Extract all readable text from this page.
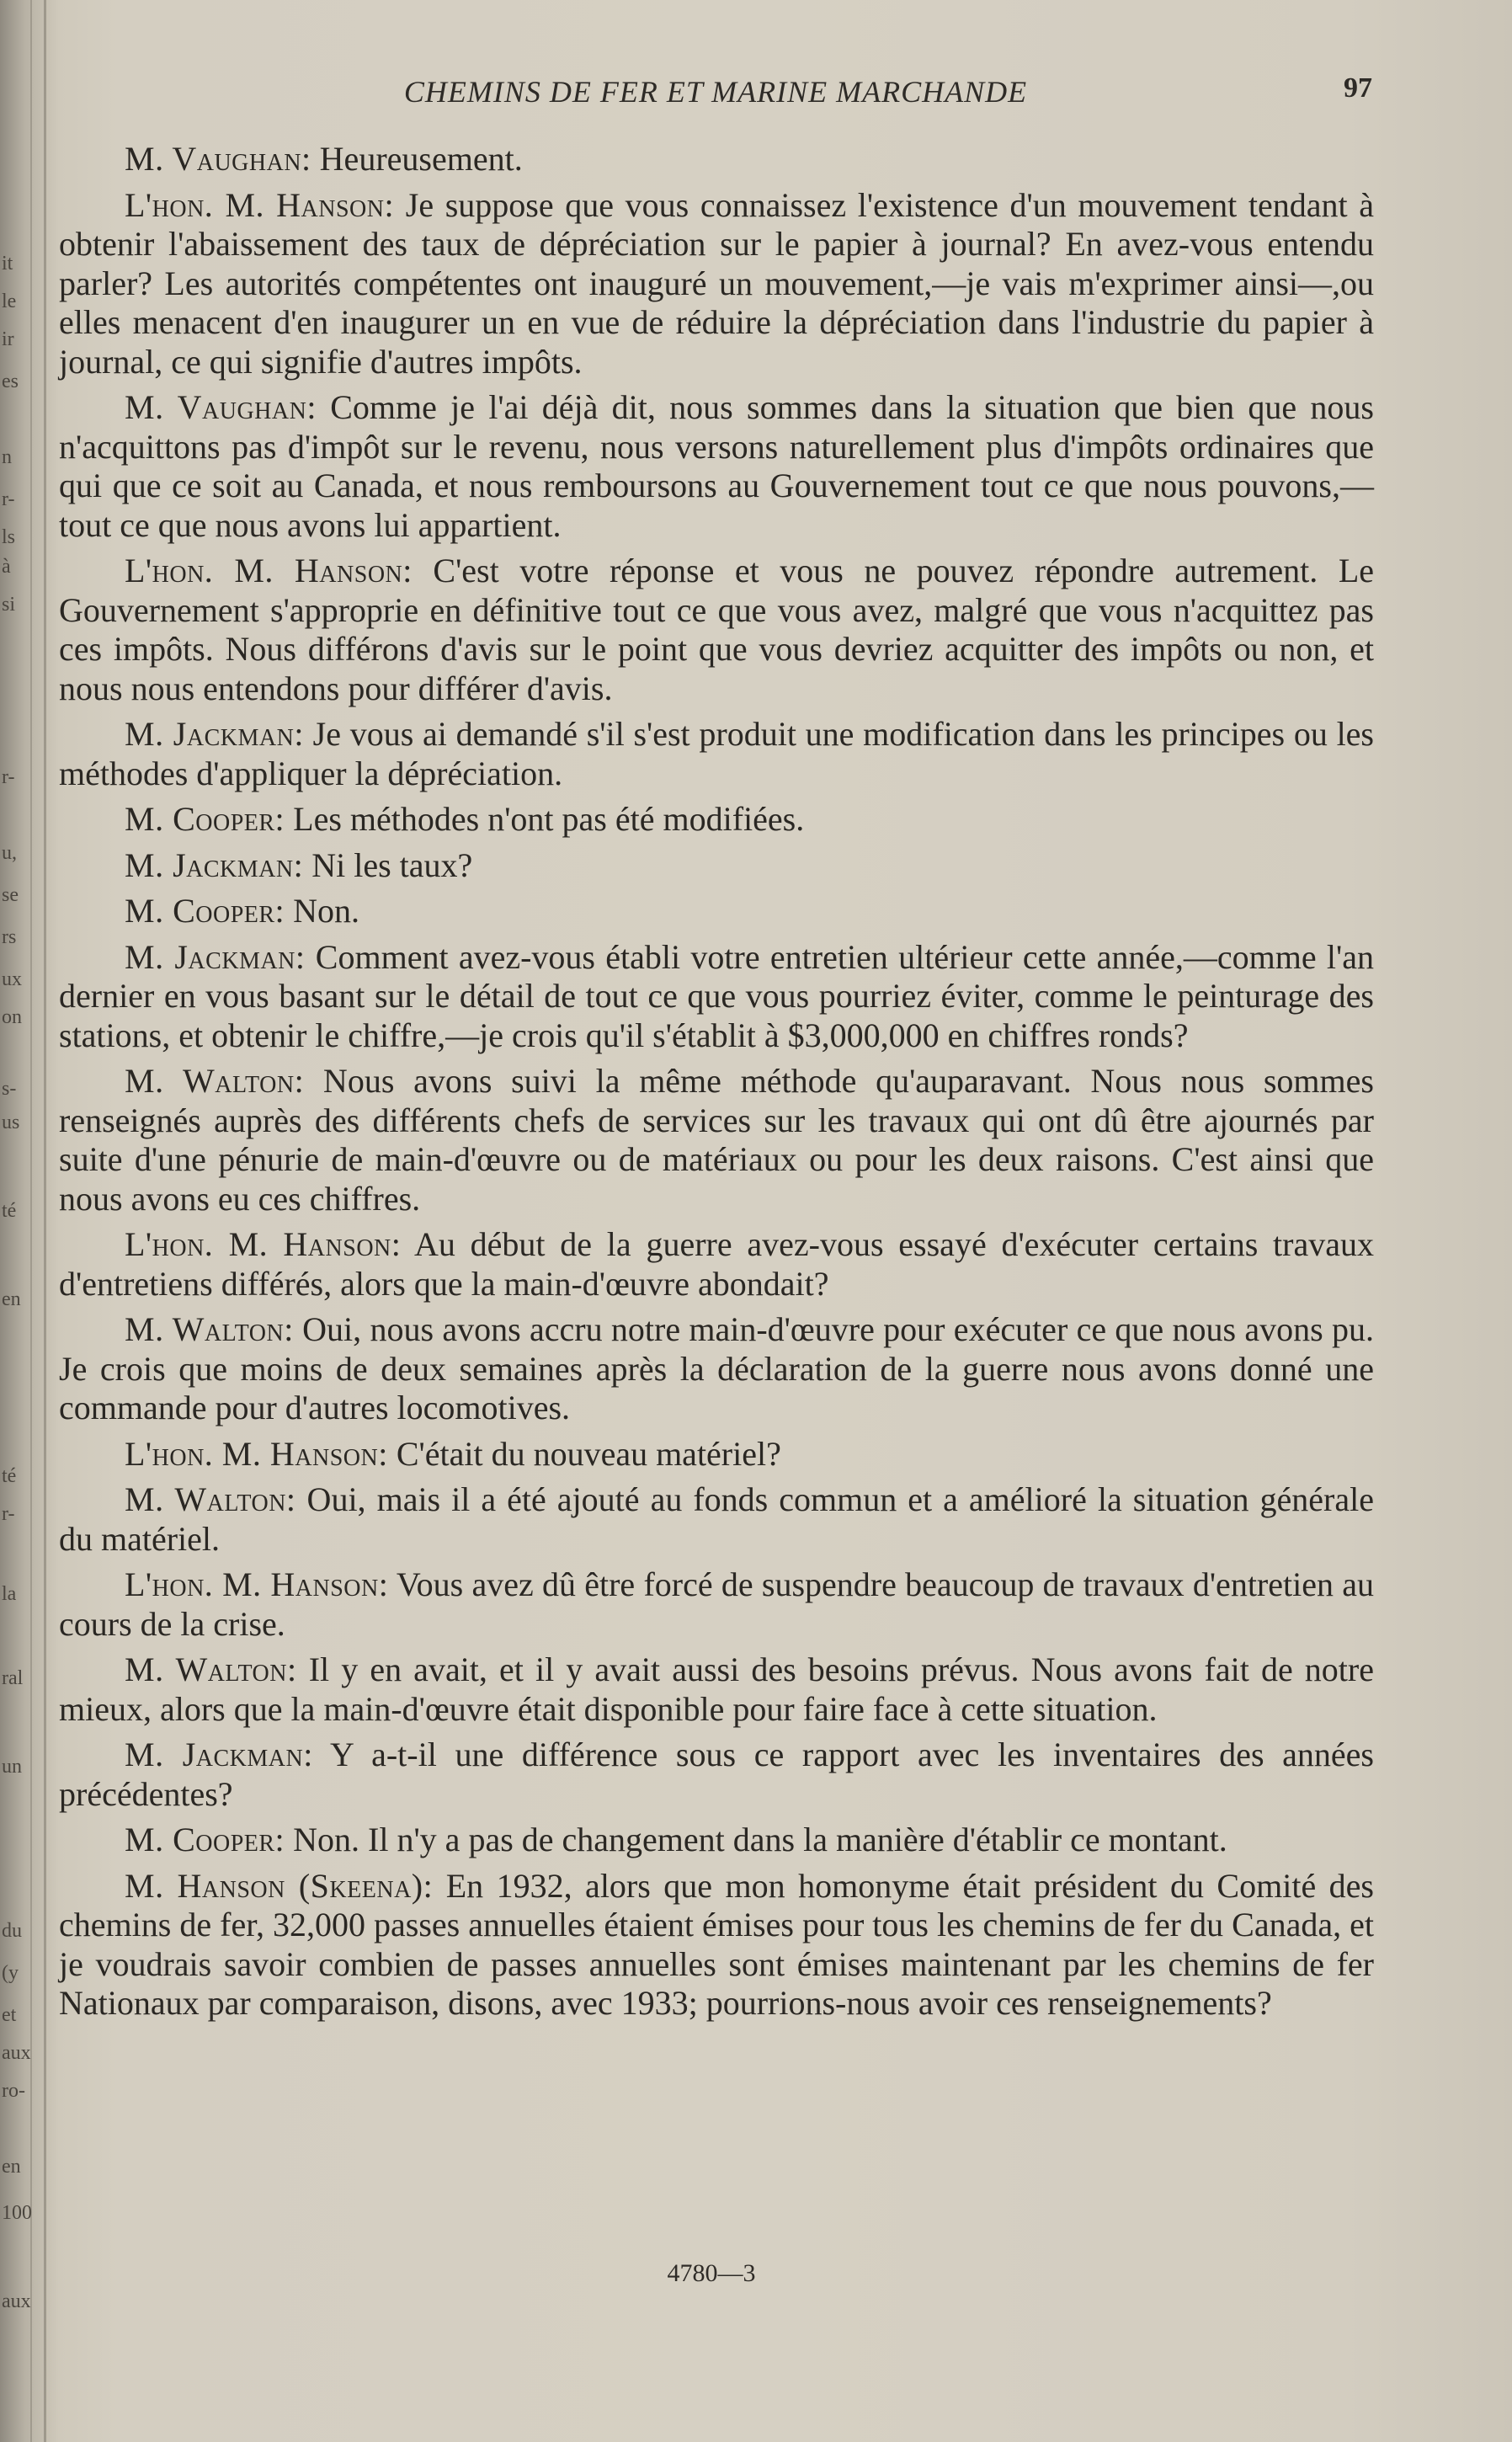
it
le
ir
es
n
r-
ls
à
si
r-
u,
se
rs
ux
on
s-
us
té
en
té
r-
la
ral
un
du
(y
et
aux
ro-
en
100
aux
CHEMINS DE FER ET MARINE MARCHANDE	97

M. Vaughan: Heureusement.

L'hon. M. Hanson: Je suppose que vous connaissez l'existence d'un mouvement tendant à obtenir l'abaissement des taux de dépréciation sur le papier à journal? En avez-vous entendu parler? Les autorités compétentes ont inauguré un mouvement,—je vais m'exprimer ainsi—,ou elles menacent d'en inaugurer un en vue de réduire la dépréciation dans l'industrie du papier à journal, ce qui signifie d'autres impôts.

M. Vaughan: Comme je l'ai déjà dit, nous sommes dans la situation que bien que nous n'acquittons pas d'impôt sur le revenu, nous versons naturellement plus d'impôts ordinaires que qui que ce soit au Canada, et nous remboursons au Gouvernement tout ce que nous pouvons,—tout ce que nous avons lui appartient.

L'hon. M. Hanson: C'est votre réponse et vous ne pouvez répondre autrement. Le Gouvernement s'approprie en définitive tout ce que vous avez, malgré que vous n'acquittez pas ces impôts. Nous différons d'avis sur le point que vous devriez acquitter des impôts ou non, et nous nous entendons pour différer d'avis.

M. Jackman: Je vous ai demandé s'il s'est produit une modification dans les principes ou les méthodes d'appliquer la dépréciation.

M. Cooper: Les méthodes n'ont pas été modifiées.

M. Jackman: Ni les taux?

M. Cooper: Non.

M. Jackman: Comment avez-vous établi votre entretien ultérieur cette année,—comme l'an dernier en vous basant sur le détail de tout ce que vous pourriez éviter, comme le peinturage des stations, et obtenir le chiffre,—je crois qu'il s'établit à $3,000,000 en chiffres ronds?

M. Walton: Nous avons suivi la même méthode qu'auparavant. Nous nous sommes renseignés auprès des différents chefs de services sur les travaux qui ont dû être ajournés par suite d'une pénurie de main-d'œuvre ou de matériaux ou pour les deux raisons. C'est ainsi que nous avons eu ces chiffres.

L'hon. M. Hanson: Au début de la guerre avez-vous essayé d'exécuter certains travaux d'entretiens différés, alors que la main-d'œuvre abondait?

M. Walton: Oui, nous avons accru notre main-d'œuvre pour exécuter ce que nous avons pu. Je crois que moins de deux semaines après la déclaration de la guerre nous avons donné une commande pour d'autres locomotives.

L'hon. M. Hanson: C'était du nouveau matériel?

M. Walton: Oui, mais il a été ajouté au fonds commun et a amélioré la situation générale du matériel.

L'hon. M. Hanson: Vous avez dû être forcé de suspendre beaucoup de travaux d'entretien au cours de la crise.

M. Walton: Il y en avait, et il y avait aussi des besoins prévus. Nous avons fait de notre mieux, alors que la main-d'œuvre était disponible pour faire face à cette situation.

M. Jackman: Y a-t-il une différence sous ce rapport avec les inventaires des années précédentes?

M. Cooper: Non. Il n'y a pas de changement dans la manière d'établir ce montant.

M. Hanson (Skeena): En 1932, alors que mon homonyme était président du Comité des chemins de fer, 32,000 passes annuelles étaient émises pour tous les chemins de fer du Canada, et je voudrais savoir combien de passes annuelles sont émises maintenant par les chemins de fer Nationaux par comparaison, disons, avec 1933; pourrions-nous avoir ces renseignements?

4780—3
